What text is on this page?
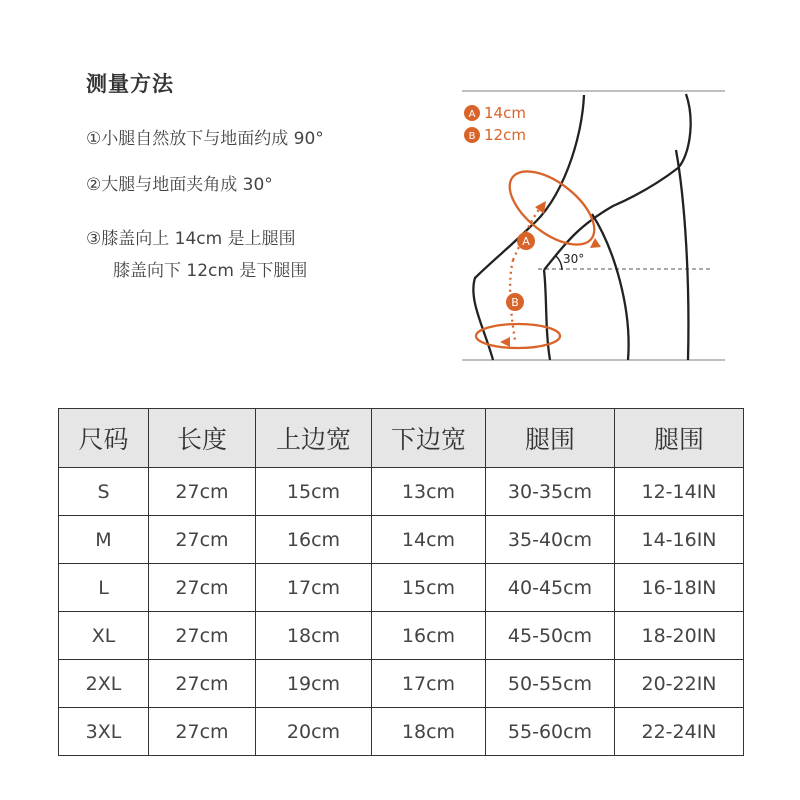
测量方法
①小腿自然放下与地面约成 90°
②大腿与地面夹角成 30°
③膝盖向上 14cm 是上腿围
膝盖向下 12cm 是下腿围
30°
A
B
A 14cm
B 12cm
尺码	长度	上边宽	下边宽	腿围	腿围
S	27cm	15cm	13cm	30-35cm	12-14IN
M	27cm	16cm	14cm	35-40cm	14-16IN
L	27cm	17cm	15cm	40-45cm	16-18IN
XL	27cm	18cm	16cm	45-50cm	18-20IN
2XL	27cm	19cm	17cm	50-55cm	20-22IN
3XL	27cm	20cm	18cm	55-60cm	22-24IN
